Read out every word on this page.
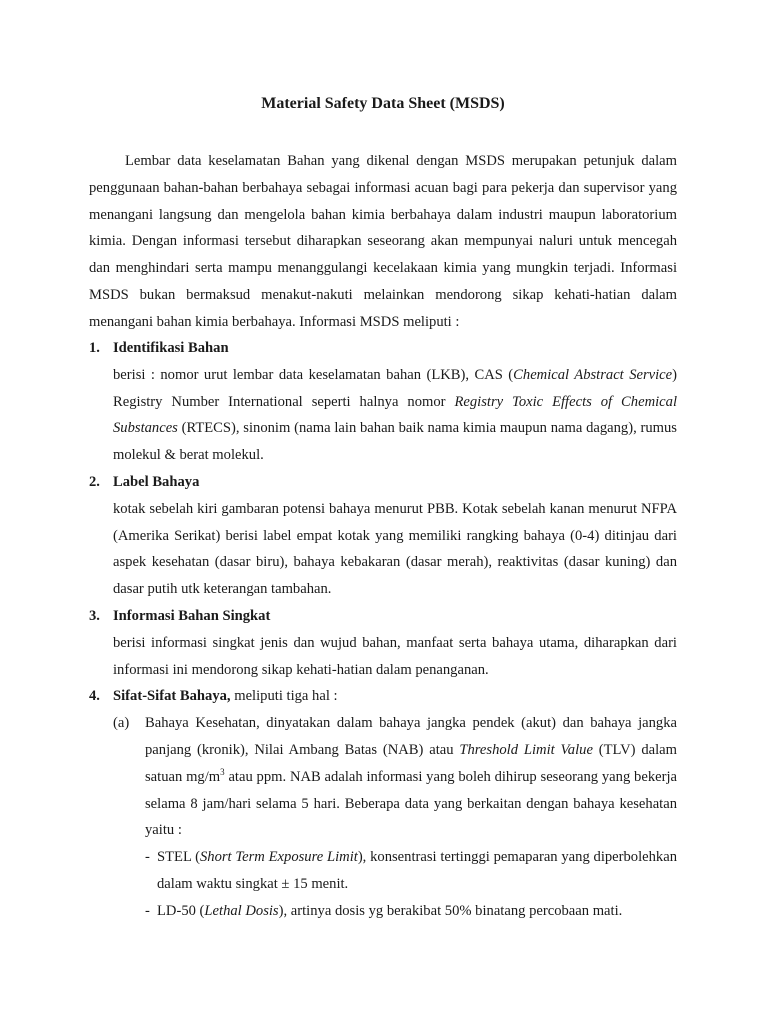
Material Safety Data Sheet (MSDS)

Lembar data keselamatan Bahan yang dikenal dengan MSDS merupakan petunjuk dalam penggunaan bahan-bahan berbahaya sebagai informasi acuan bagi para pekerja dan supervisor yang menangani langsung dan mengelola bahan kimia berbahaya dalam industri maupun laboratorium kimia. Dengan informasi tersebut diharapkan seseorang akan mempunyai naluri untuk mencegah dan menghindari serta mampu menanggulangi kecelakaan kimia yang mungkin terjadi. Informasi MSDS bukan bermaksud menakut-nakuti melainkan mendorong sikap kehati-hatian dalam menangani bahan kimia berbahaya. Informasi MSDS meliputi :

1. Identifikasi Bahan

berisi : nomor urut lembar data keselamatan bahan (LKB), CAS (Chemical Abstract Service) Registry Number International seperti halnya nomor Registry Toxic Effects of Chemical Substances (RTECS), sinonim (nama lain bahan baik nama kimia maupun nama dagang), rumus molekul & berat molekul.

2. Label Bahaya

kotak sebelah kiri gambaran potensi bahaya menurut PBB. Kotak sebelah kanan menurut NFPA (Amerika Serikat) berisi label empat kotak yang memiliki rangking bahaya (0-4) ditinjau dari aspek kesehatan (dasar biru), bahaya kebakaran (dasar merah), reaktivitas (dasar kuning) dan dasar putih utk keterangan tambahan.

3. Informasi Bahan Singkat

berisi informasi singkat jenis dan wujud bahan, manfaat serta bahaya utama, diharapkan dari informasi ini mendorong sikap kehati-hatian dalam penanganan.

4. Sifat-Sifat Bahaya, meliputi tiga hal :
(a) Bahaya Kesehatan, dinyatakan dalam bahaya jangka pendek (akut) dan bahaya jangka panjang (kronik), Nilai Ambang Batas (NAB) atau Threshold Limit Value (TLV) dalam satuan $mg/m^3$ atau ppm. NAB adalah informasi yang boleh dihirup seseorang yang bekerja selama 8 jam/hari selama 5 hari. Beberapa data yang berkaitan dengan bahaya kesehatan yaitu :

- STEL (Short Term Exposure Limit), konsentrasi tertinggi pemaparan yang diperbolehkan dalam waktu singkat ± 15 menit.

- LD-50 (Lethal Dosis), artinya dosis yg berakibat 50% binatang percobaan mati.
